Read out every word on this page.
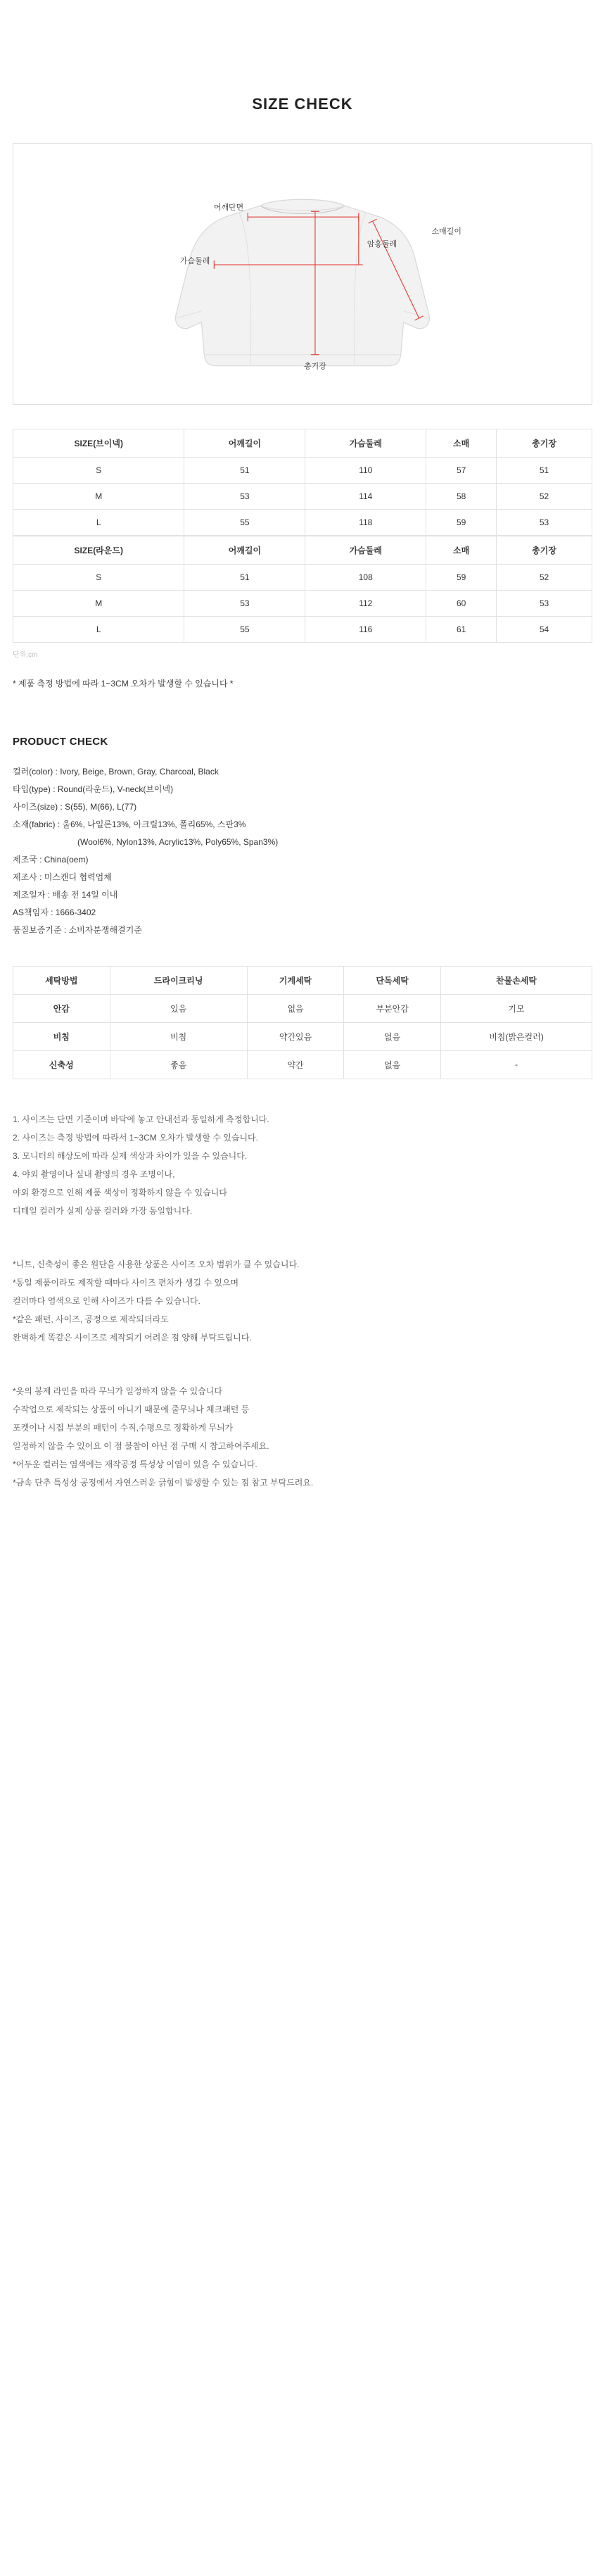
SIZE CHECK
어깨단면
암홍둘레
가슴둘레
소매길이
총기장
SIZE(브이넥)	어깨길이	가슴둘레	소매	총기장
S	51	110	57	51
M	53	114	58	52
L	55	118	59	53
SIZE(라운드)	어깨길이	가슴둘레	소매	총기장
S	51	108	59	52
M	53	112	60	53
L	55	116	61	54
단위:cm
* 제품 측정 방법에 따라 1~3CM 오차가 발생할 수 있습니다 *
PRODUCT CHECK
컬러(color) : Ivory, Beige, Brown, Gray, Charcoal, Black
타입(type) : Round(라운드), V-neck(브이넥)
사이즈(size) : S(55), M(66), L(77)
소재(fabric) : 울6%, 나일론13%, 아크릴13%, 폴리65%, 스판3%
(Wool6%, Nylon13%, Acrylic13%, Poly65%, Span3%)
제조국 : China(oem)
제조사 : 미스캔디 협력업체
제조일자 : 배송 전 14일 이내
AS책임자 : 1666-3402
품질보증기준 : 소비자분쟁해결기준
세탁방법	드라이크리닝	기계세탁	단독세탁	찬물손세탁
안감	있음	없음	부분안감	기모
비침	비침	약간있음	없음	비침(밝은컬러)
신축성	좋음	약간	없음	-

1. 사이즈는 단면 기준이며 바닥에 놓고 안내선과 동일하게 측정합니다.

2. 사이즈는 측정 방법에 따라서 1~3CM 오차가 발생할 수 있습니다.

3. 모니터의 해상도에 따라 실제 색상과 차이가 있을 수 있습니다.

4. 야외 촬영이나 실내 촬영의 경우 조명이나,

야외 환경으로 인해 제품 색상이 정확하지 않을 수 있습니다

디테일 컬러가 실제 상품 컬러와 가장 동일합니다.

*니트, 신축성이 좋은 원단을 사용한 상품은 사이즈 오차 범위가 클 수 있습니다.

*동일 제품이라도 제작할 때마다 사이즈 편차가 생길 수 있으며

컬러마다 염색으로 인해 사이즈가 다를 수 있습니다.

*같은 패턴, 사이즈, 공정으로 제작되더라도

완벽하게 똑같은 사이즈로 제작되기 어려운 점 양해 부탁드립니다.

*옷의 봉제 라인을 따라 무늬가 일정하지 않을 수 있습니다

수작업으로 제작되는 상품이 아니기 때문에 줄무늬나 체크패턴 등

포켓이나 시접 부분의 패턴이 수직,수평으로 정확하게 무늬가

일정하지 않을 수 있어요 이 점 불참이 아닌 점 구매 시 참고하여주세요.

*어두운 컬러는 염색에는 재작공정 특성상 이염이 있을 수 있습니다.

*금속 단추 특성상 공정에서 자연스러운 긁힘이 발생할 수 있는 점 참고 부탁드려요.
